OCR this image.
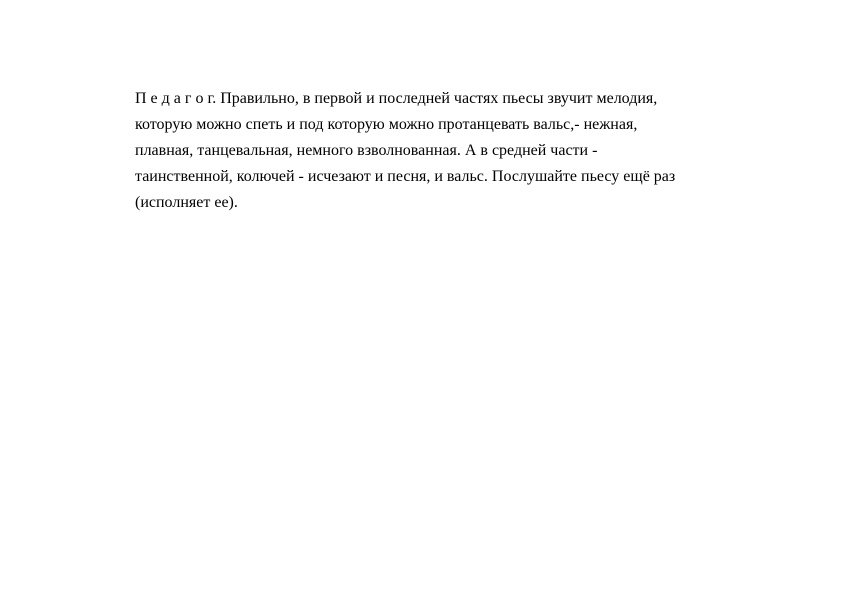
П е д а г о г. Правильно, в первой и последней частях пьесы звучит мелодия,
которую можно спеть и под которую можно протанцевать вальс,- нежная,
плавная, танцевальная, немного взволнованная. А в средней части -
таинственной, колючей - исчезают и песня, и вальс. Послушайте пьесу ещё раз
(исполняет ее).
